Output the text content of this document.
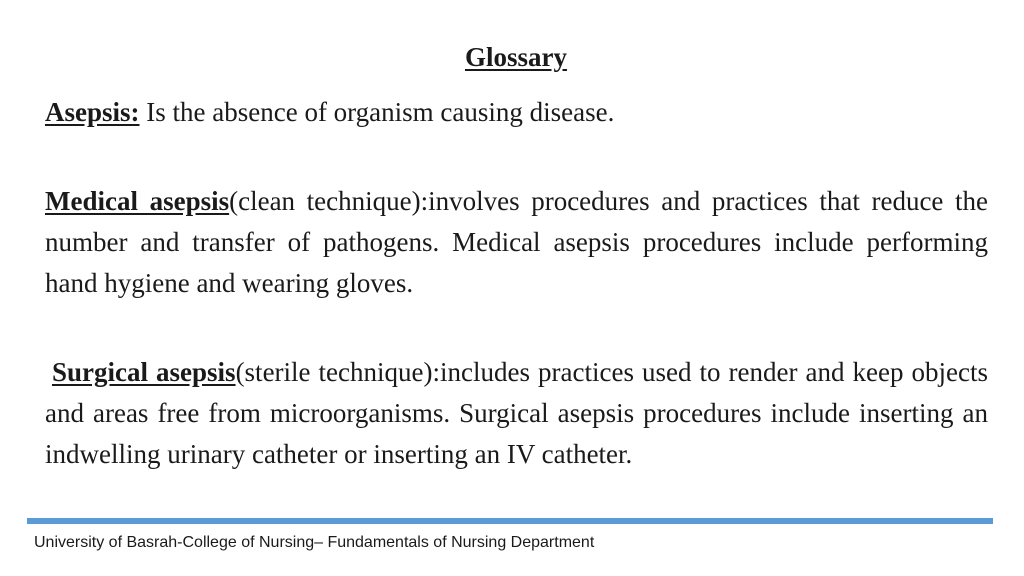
Glossary
Asepsis: Is the absence of organism causing disease.
Medical asepsis(clean technique):involves procedures and practices that reduce the number and transfer of pathogens. Medical asepsis procedures include performing hand hygiene and wearing gloves.
Surgical asepsis(sterile technique):includes practices used to render and keep objects and areas free from microorganisms. Surgical asepsis procedures include inserting an indwelling urinary catheter or inserting an IV catheter.
University of Basrah-College of Nursing– Fundamentals of Nursing Department
